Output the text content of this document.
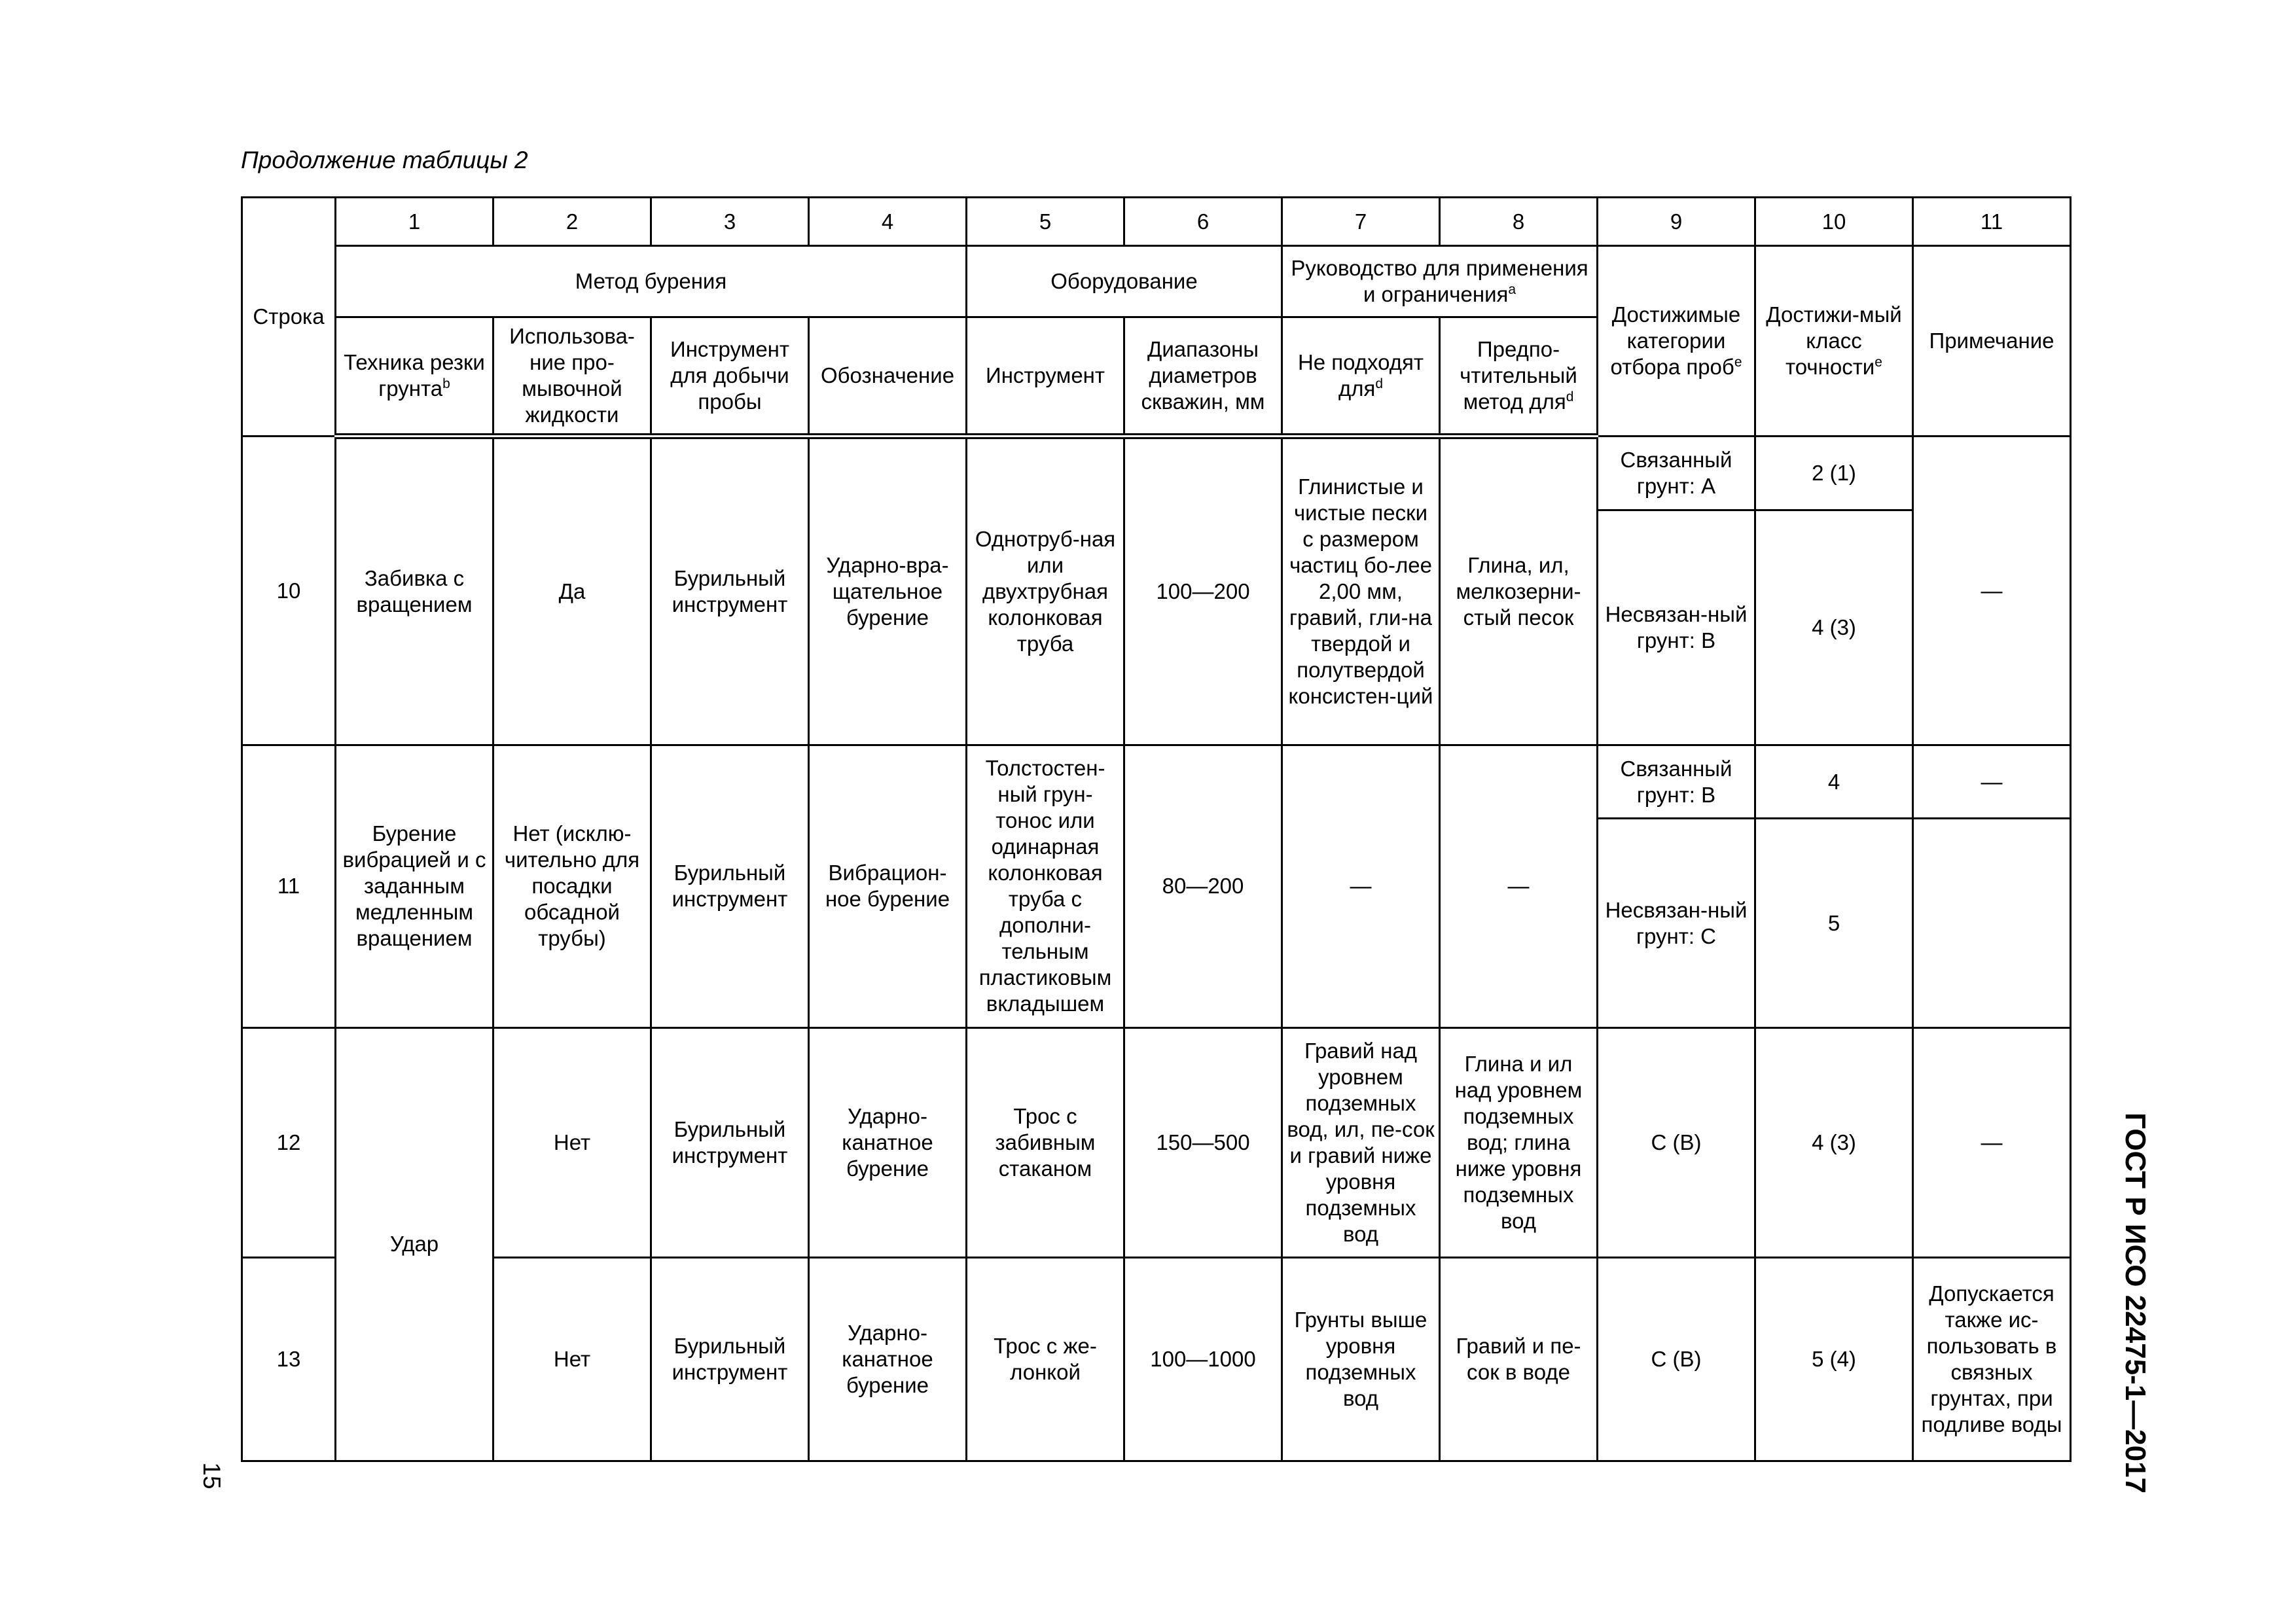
Продолжение таблицы 2
Строка	1	2	3	4	5	6	7	8	9	10	11
	Метод бурения				Оборудование		Руководство для применения и ограничения$^a$		Достижимые категории отбора проб$^e$	Достижи-мый класс точности$^e$	Примечание
	Техника резки грунта$^b$	Использова-ние про-мывочной жидкости	Инструмент для добычи пробы	Обозначение	Инструмент	Диапазоны диаметров скважин, мм	Не подходят для$^d$	Предпо-чтительный метод для$^d$
10	Забивка с вращением	Да	Бурильный инструмент	Ударно-вра-щательное бурение	Однотруб-ная или двухтрубная колонковая труба	100—200	Глинистые и чистые пески с размером частиц бо-лее 2,00 мм, гравий, гли-на твердой и полутвердой консистен-ций	Глина, ил, мелкозерни-стый песок	Связанный грунт: A	2 (1)	—
									Несвязан-ный грунт: B	4 (3)	
11	Бурение вибрацией и с заданным медленным вращением	Нет (исклю-чительно для посадки обсадной трубы)	Бурильный инструмент	Вибрацион-ное бурение	Толстостен-ный грун-тонос или одинарная колонковая труба с дополни-тельным пластиковым вкладышем	80—200	—	—	Связанный грунт: B	4	—
									Несвязан-ный грунт: C	5	
12	Удар	Нет	Бурильный инструмент	Ударно-канатное бурение	Трос с забивным стаканом	150—500	Гравий над уровнем подземных вод, ил, пе-сок и гравий ниже уровня подземных вод	Глина и ил над уровнем подземных вод; глина ниже уровня подземных вод	C (B)	4 (3)	—
13		Нет	Бурильный инструмент	Ударно-канатное бурение	Трос с же-лонкой	100—1000	Грунты выше уровня подземных вод	Гравий и пе-сок в воде	C (B)	5 (4)	Допускается также ис-пользовать в связных грунтах, при подливе воды ГОСТ Р ИСО 22475-1—2017
15
